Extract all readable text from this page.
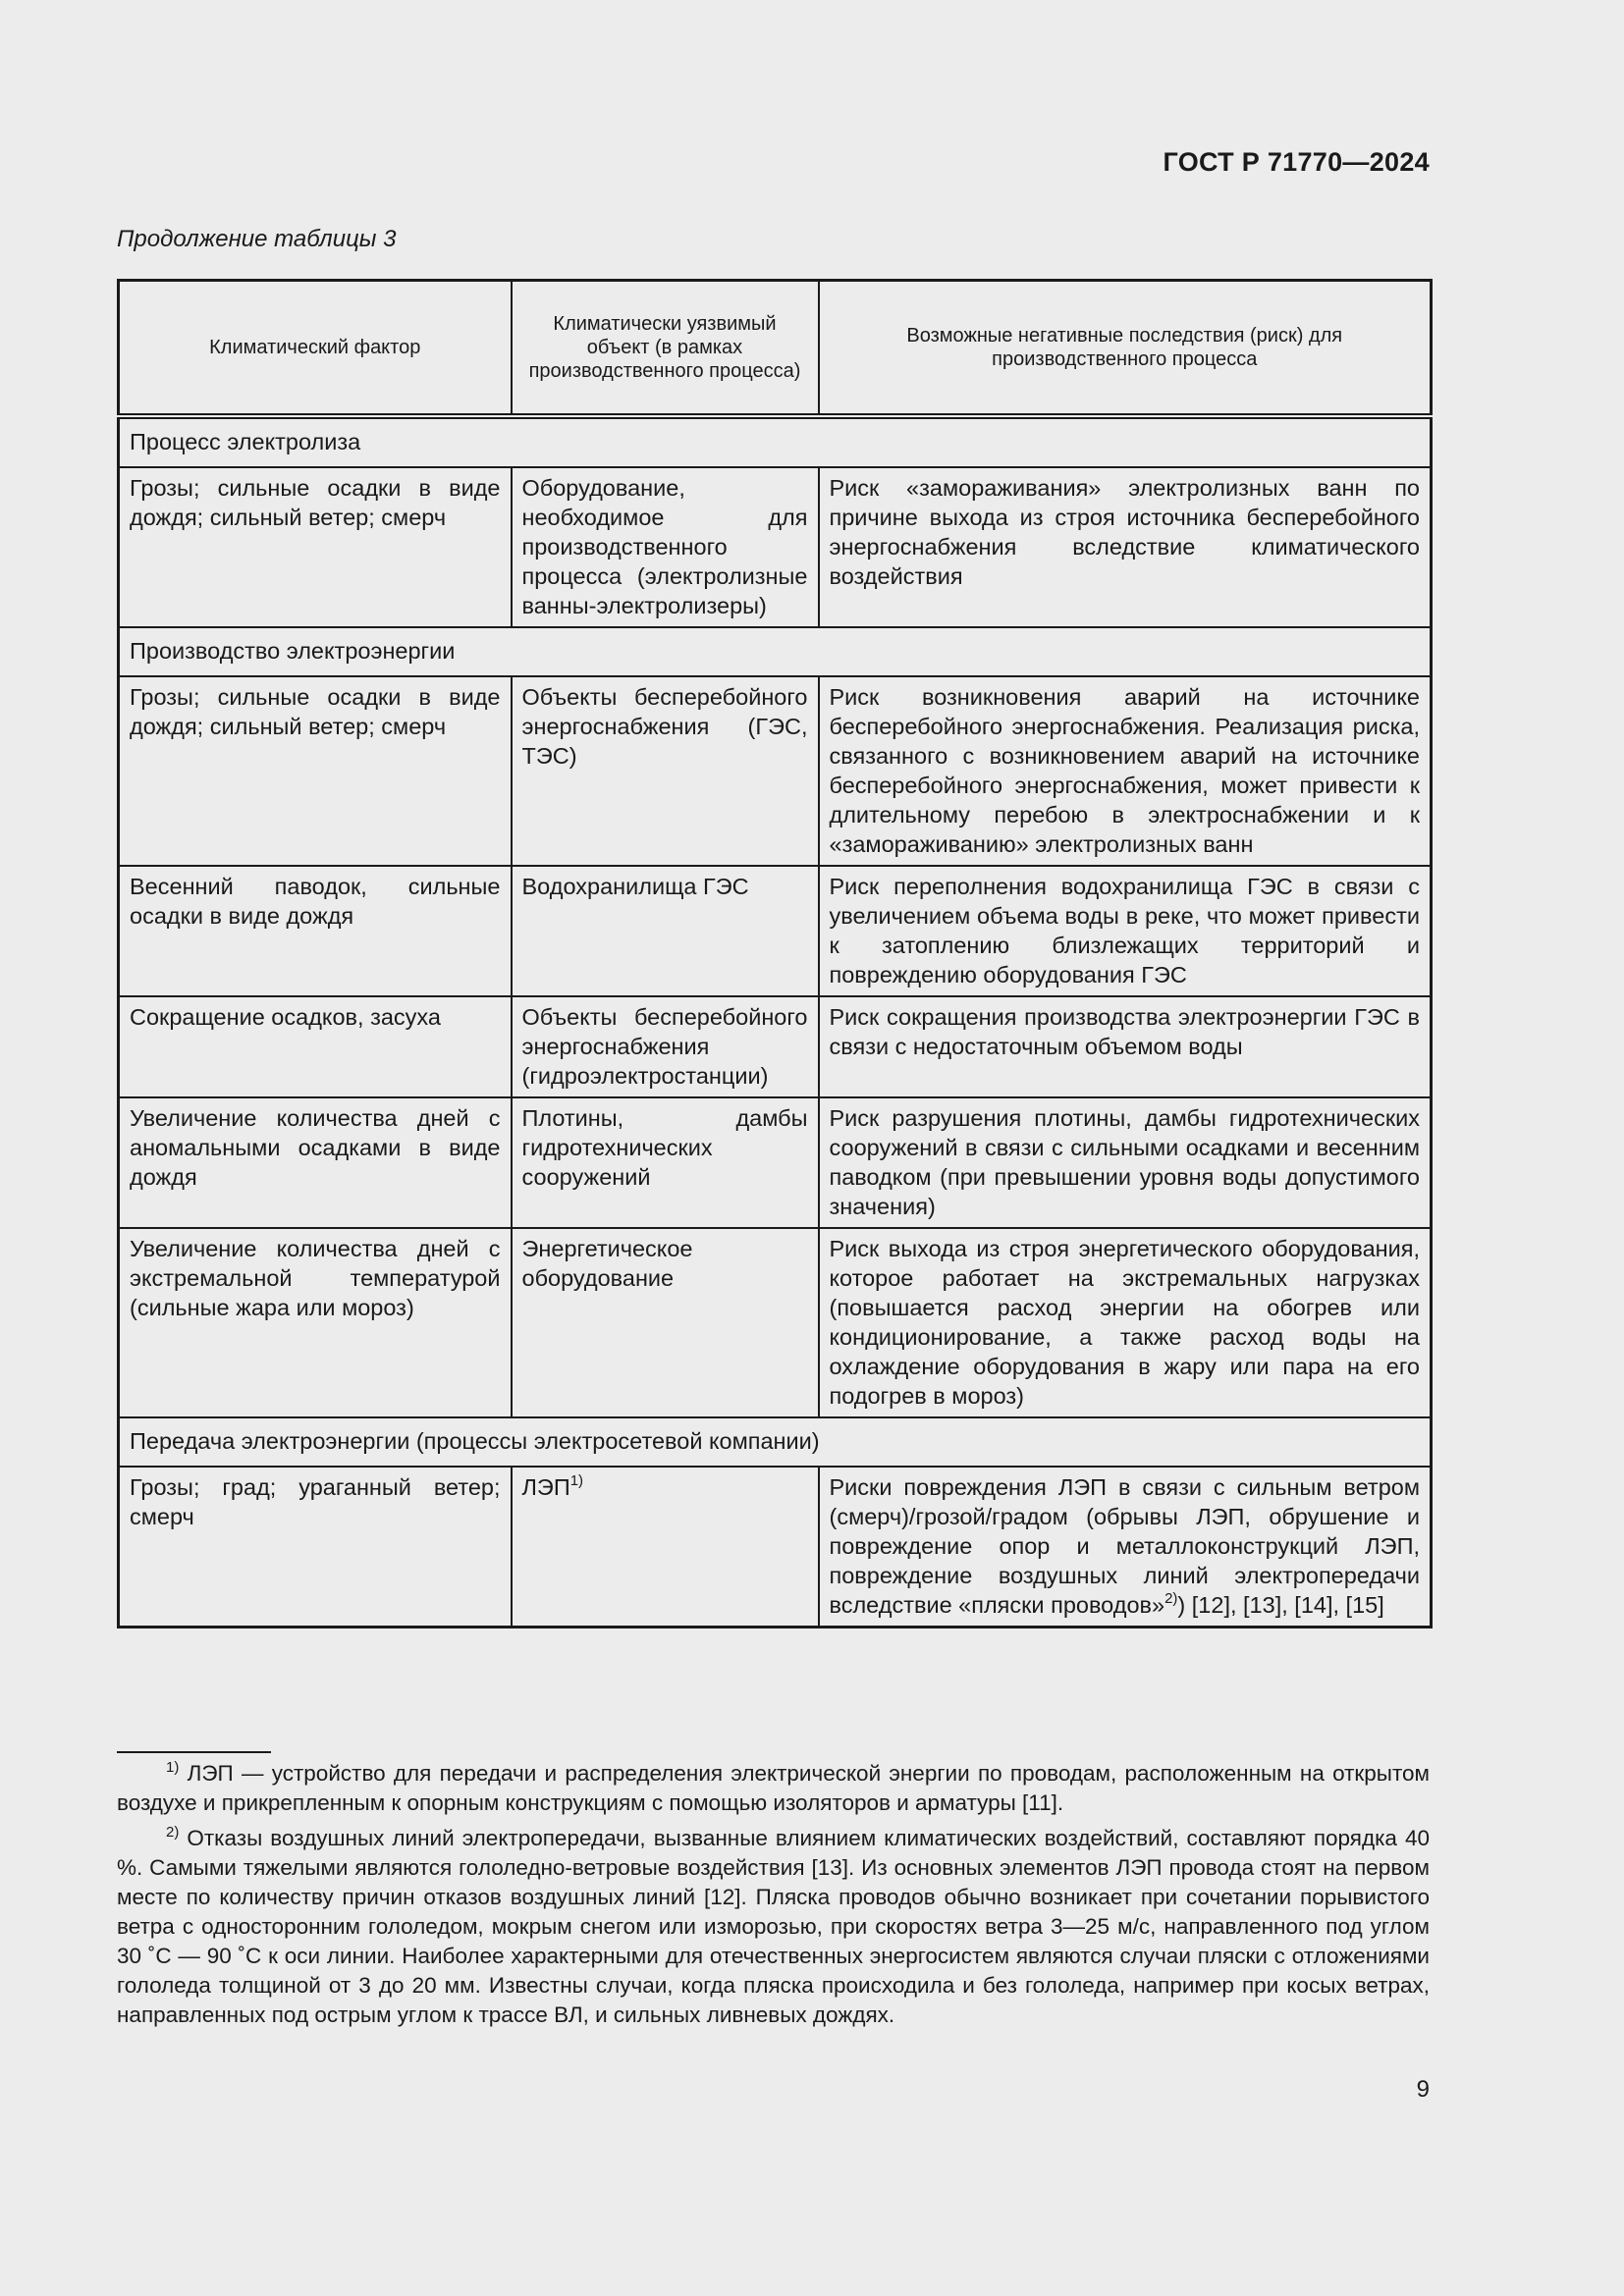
ГОСТ Р 71770—2024
Продолжение таблицы 3
Климатический фактор	Климатически уязвимый объект (в рамках производственного процесса)	Возможные негативные последствия (риск) для производственного процесса
Процесс электролиза		
Грозы; сильные осадки в виде дождя; сильный ветер; смерч	Оборудование, необходимое для производственного процесса (электролизные ванны-электролизеры)	Риск «замораживания» электролизных ванн по причине выхода из строя источника бесперебойного энергоснабжения вследствие климатического воздействия
Производство электроэнергии		
Грозы; сильные осадки в виде дождя; сильный ветер; смерч	Объекты бесперебойного энергоснабжения (ГЭС, ТЭС)	Риск возникновения аварий на источнике бесперебойного энергоснабжения. Реализация риска, связанного с возникновением аварий на источнике бесперебойного энергоснабжения, может привести к длительному перебою в электроснабжении и к «замораживанию» электролизных ванн
Весенний паводок, сильные осадки в виде дождя	Водохранилища ГЭС	Риск переполнения водохранилища ГЭС в связи с увеличением объема воды в реке, что может привести к затоплению близлежащих территорий и повреждению оборудования ГЭС
Сокращение осадков, засуха	Объекты бесперебойного энергоснабжения (гидроэлектростанции)	Риск сокращения производства электроэнергии ГЭС в связи с недостаточным объемом воды
Увеличение количества дней с аномальными осадками в виде дождя	Плотины, дамбы гидротехнических сооружений	Риск разрушения плотины, дамбы гидротехнических сооружений в связи с сильными осадками и весенним паводком (при превышении уровня воды допустимого значения)
Увеличение количества дней с экстремальной температурой (сильные жара или мороз)	Энергетическое оборудование	Риск выхода из строя энергетического оборудования, которое работает на экстремальных нагрузках (повышается расход энергии на обогрев или кондиционирование, а также расход воды на охлаждение оборудования в жару или пара на его подогрев в мороз)
Передача электроэнергии (процессы электросетевой компании)		
Грозы; град; ураганный ветер; смерч	ЛЭП$^{1)}$	Риски повреждения ЛЭП в связи с сильным ветром (смерч)/грозой/градом (обрывы ЛЭП, обрушение и повреждение опор и металлоконструкций ЛЭП, повреждение воздушных линий электропередачи вследствие «пляски проводов»$^{2)}$) [12], [13], [14], [15]

$^{1)}$ ЛЭП — устройство для передачи и распределения электрической энергии по проводам, расположенным на открытом воздухе и прикрепленным к опорным конструкциям с помощью изоляторов и арматуры [11].

$^{2)}$ Отказы воздушных линий электропередачи, вызванные влиянием климатических воздействий, составляют порядка 40 %. Самыми тяжелыми являются гололедно-ветровые воздействия [13]. Из основных элементов ЛЭП провода стоят на первом месте по количеству причин отказов воздушных линий [12]. Пляска проводов обычно возникает при сочетании порывистого ветра с односторонним гололедом, мокрым снегом или изморозью, при скоростях ветра 3—25 м/с, направленного под углом 30 ˚С — 90 ˚С к оси линии. Наиболее характерными для отечественных энергосистем являются случаи пляски с отложениями гололеда толщиной от 3 до 20 мм. Известны случаи, когда пляска происходила и без гололеда, например при косых ветрах, направленных под острым углом к трассе ВЛ, и сильных ливневых дождях.

9
